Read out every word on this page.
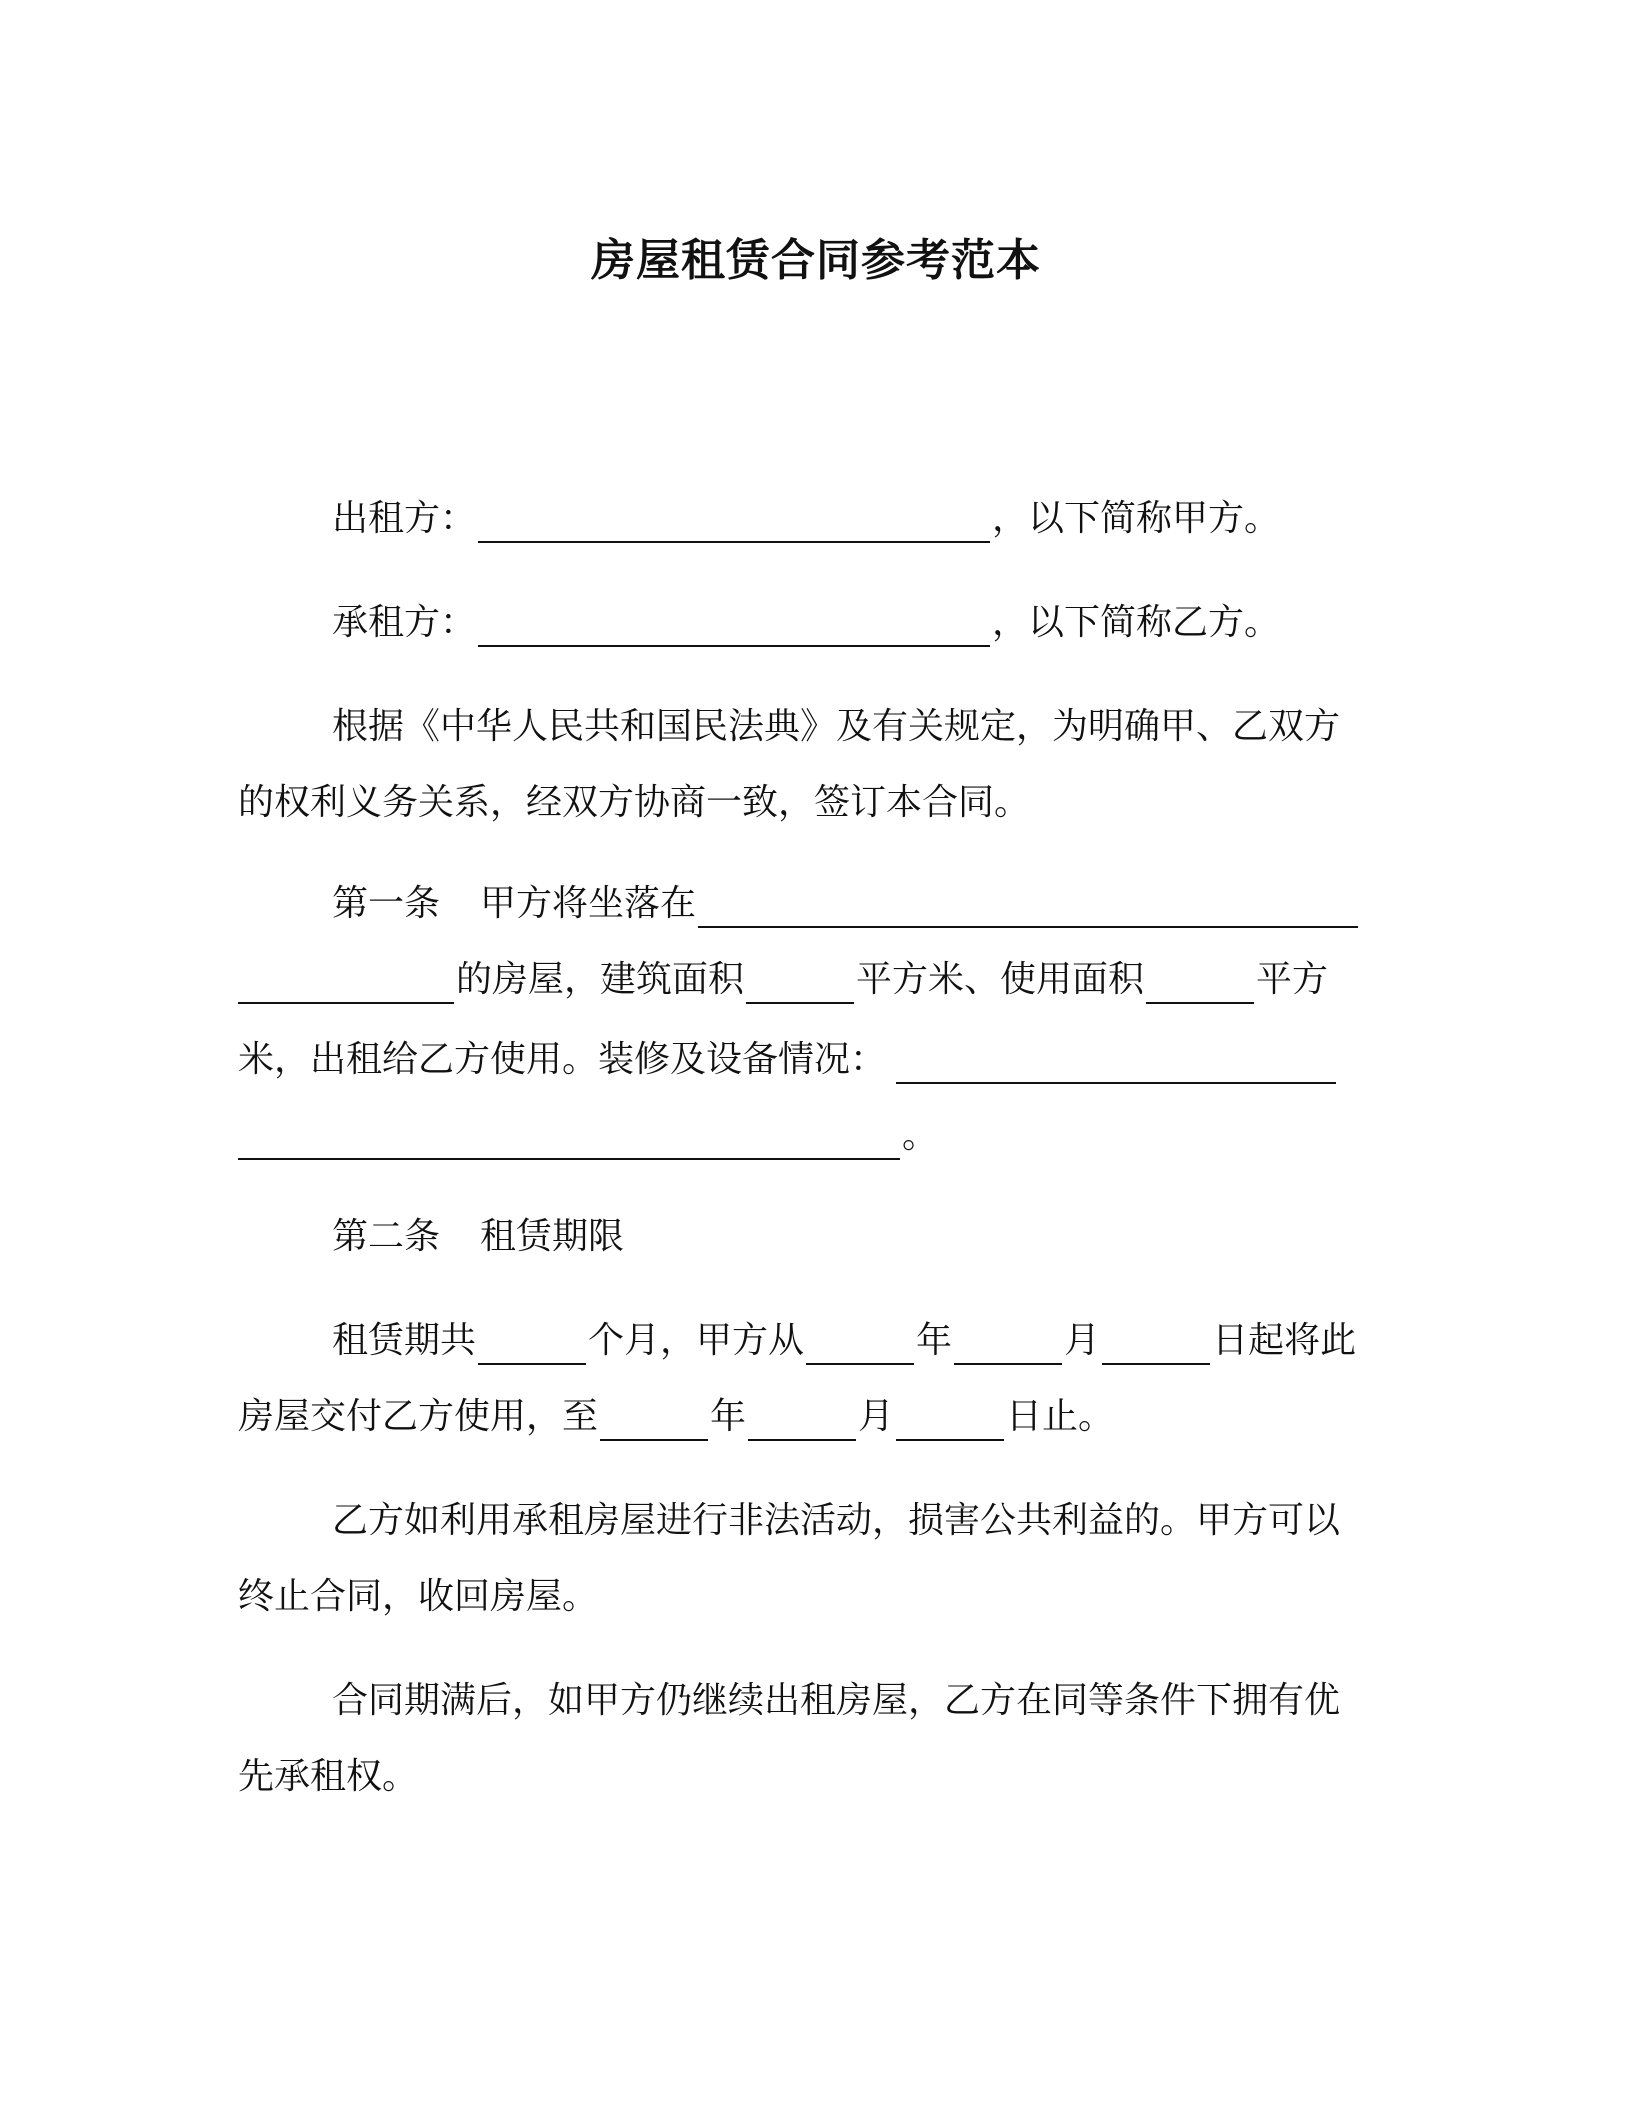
房屋租赁合同参考范本
出租方：	，以下简称甲方。
承租方：	，以下简称乙方。
根据《中华人民共和国民法典》及有关规定，为明确甲、乙双方
的权利义务关系，经双方协商一致，签订本合同。
第一条 甲方将坐落在
的房屋，建筑面积	平方米、使用面积	平方
米，出租给乙方使用。装修及设备情况：
。
第二条 租赁期限
租赁期共	个月，甲方从	年	月	日起将此
房屋交付乙方使用，至	年	月	日止。
乙方如利用承租房屋进行非法活动，损害公共利益的。甲方可以
终止合同，收回房屋。
合同期满后，如甲方仍继续出租房屋，乙方在同等条件下拥有优
先承租权。
